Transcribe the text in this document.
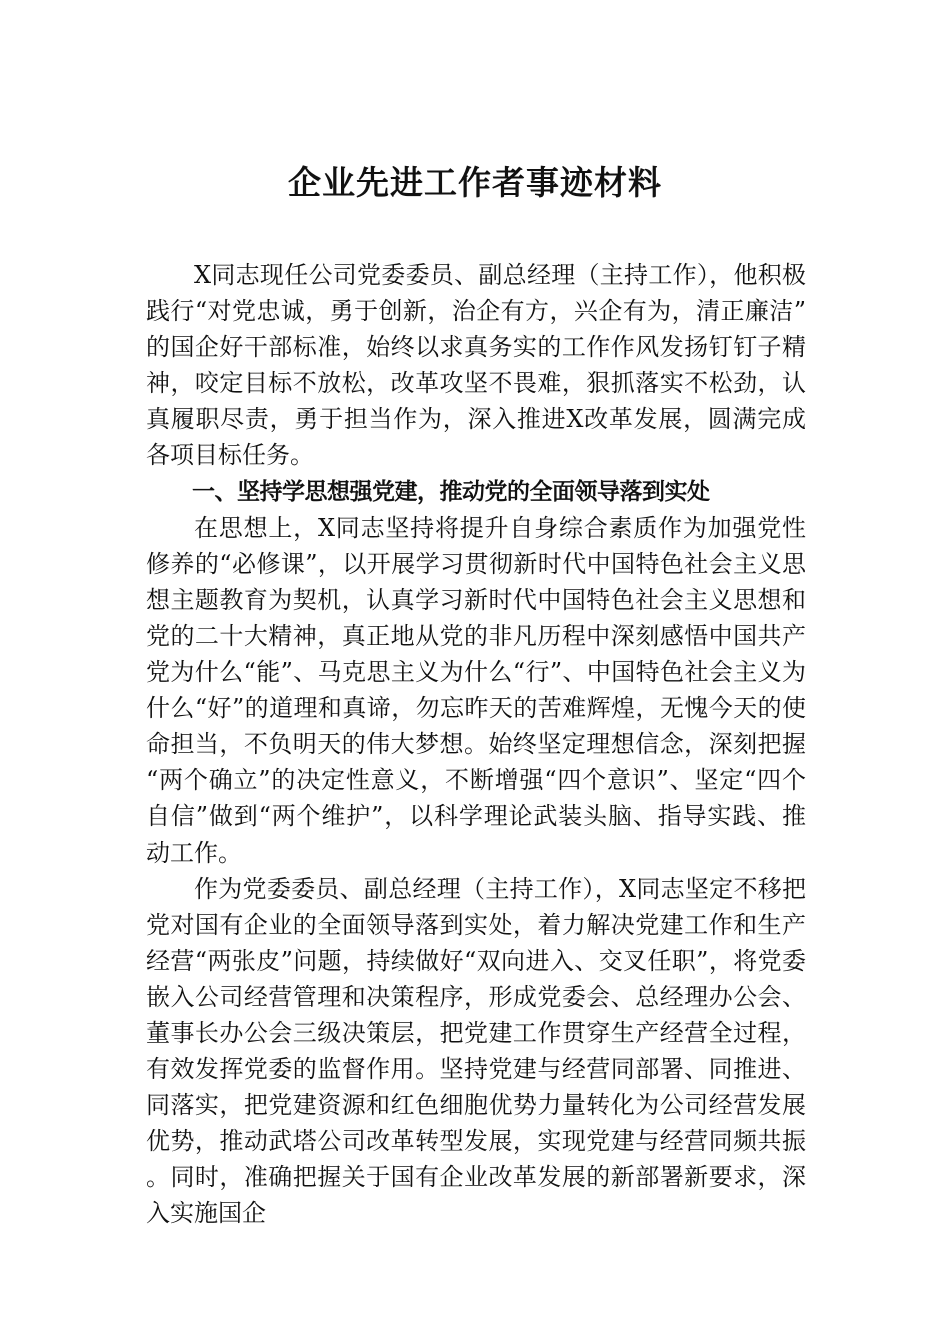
企业先进工作者事迹材料

X同志现任公司党委委员、副总经理（主持工作），他积极践行“对党忠诚，勇于创新，治企有方，兴企有为，清正廉洁”的国企好干部标准，始终以求真务实的工作作风发扬钉钉子精神，咬定目标不放松，改革攻坚不畏难，狠抓落实不松劲，认真履职尽责，勇于担当作为，深入推进X改革发展，圆满完成各项目标任务。

一、坚持学思想强党建，推动党的全面领导落到实处

在思想上，X同志坚持将提升自身综合素质作为加强党性修养的“必修课”，以开展学习贯彻新时代中国特色社会主义思想主题教育为契机，认真学习新时代中国特色社会主义思想和党的二十大精神，真正地从党的非凡历程中深刻感悟中国共产党为什么“能”、马克思主义为什么“行”、中国特色社会主义为什么“好”的道理和真谛，勿忘昨天的苦难辉煌，无愧今天的使命担当，不负明天的伟大梦想。始终坚定理想信念，深刻把握“两个确立”的决定性意义，不断增强“四个意识”、坚定“四个自信”做到“两个维护”，以科学理论武装头脑、指导实践、推动工作。

作为党委委员、副总经理（主持工作），X同志坚定不移把党对国有企业的全面领导落到实处，着力解决党建工作和生产经营“两张皮”问题，持续做好“双向进入、交叉任职”，将党委嵌入公司经营管理和决策程序，形成党委会、总经理办公会、董事长办公会三级决策层，把党建工作贯穿生产经营全过程，有效发挥党委的监督作用。坚持党建与经营同部署、同推进、同落实，把党建资源和红色细胞优势力量转化为公司经营发展优势，推动武塔公司改革转型发展，实现党建与经营同频共振。同时，准确把握关于国有企业改革发展的新部署新要求，深入实施国企
